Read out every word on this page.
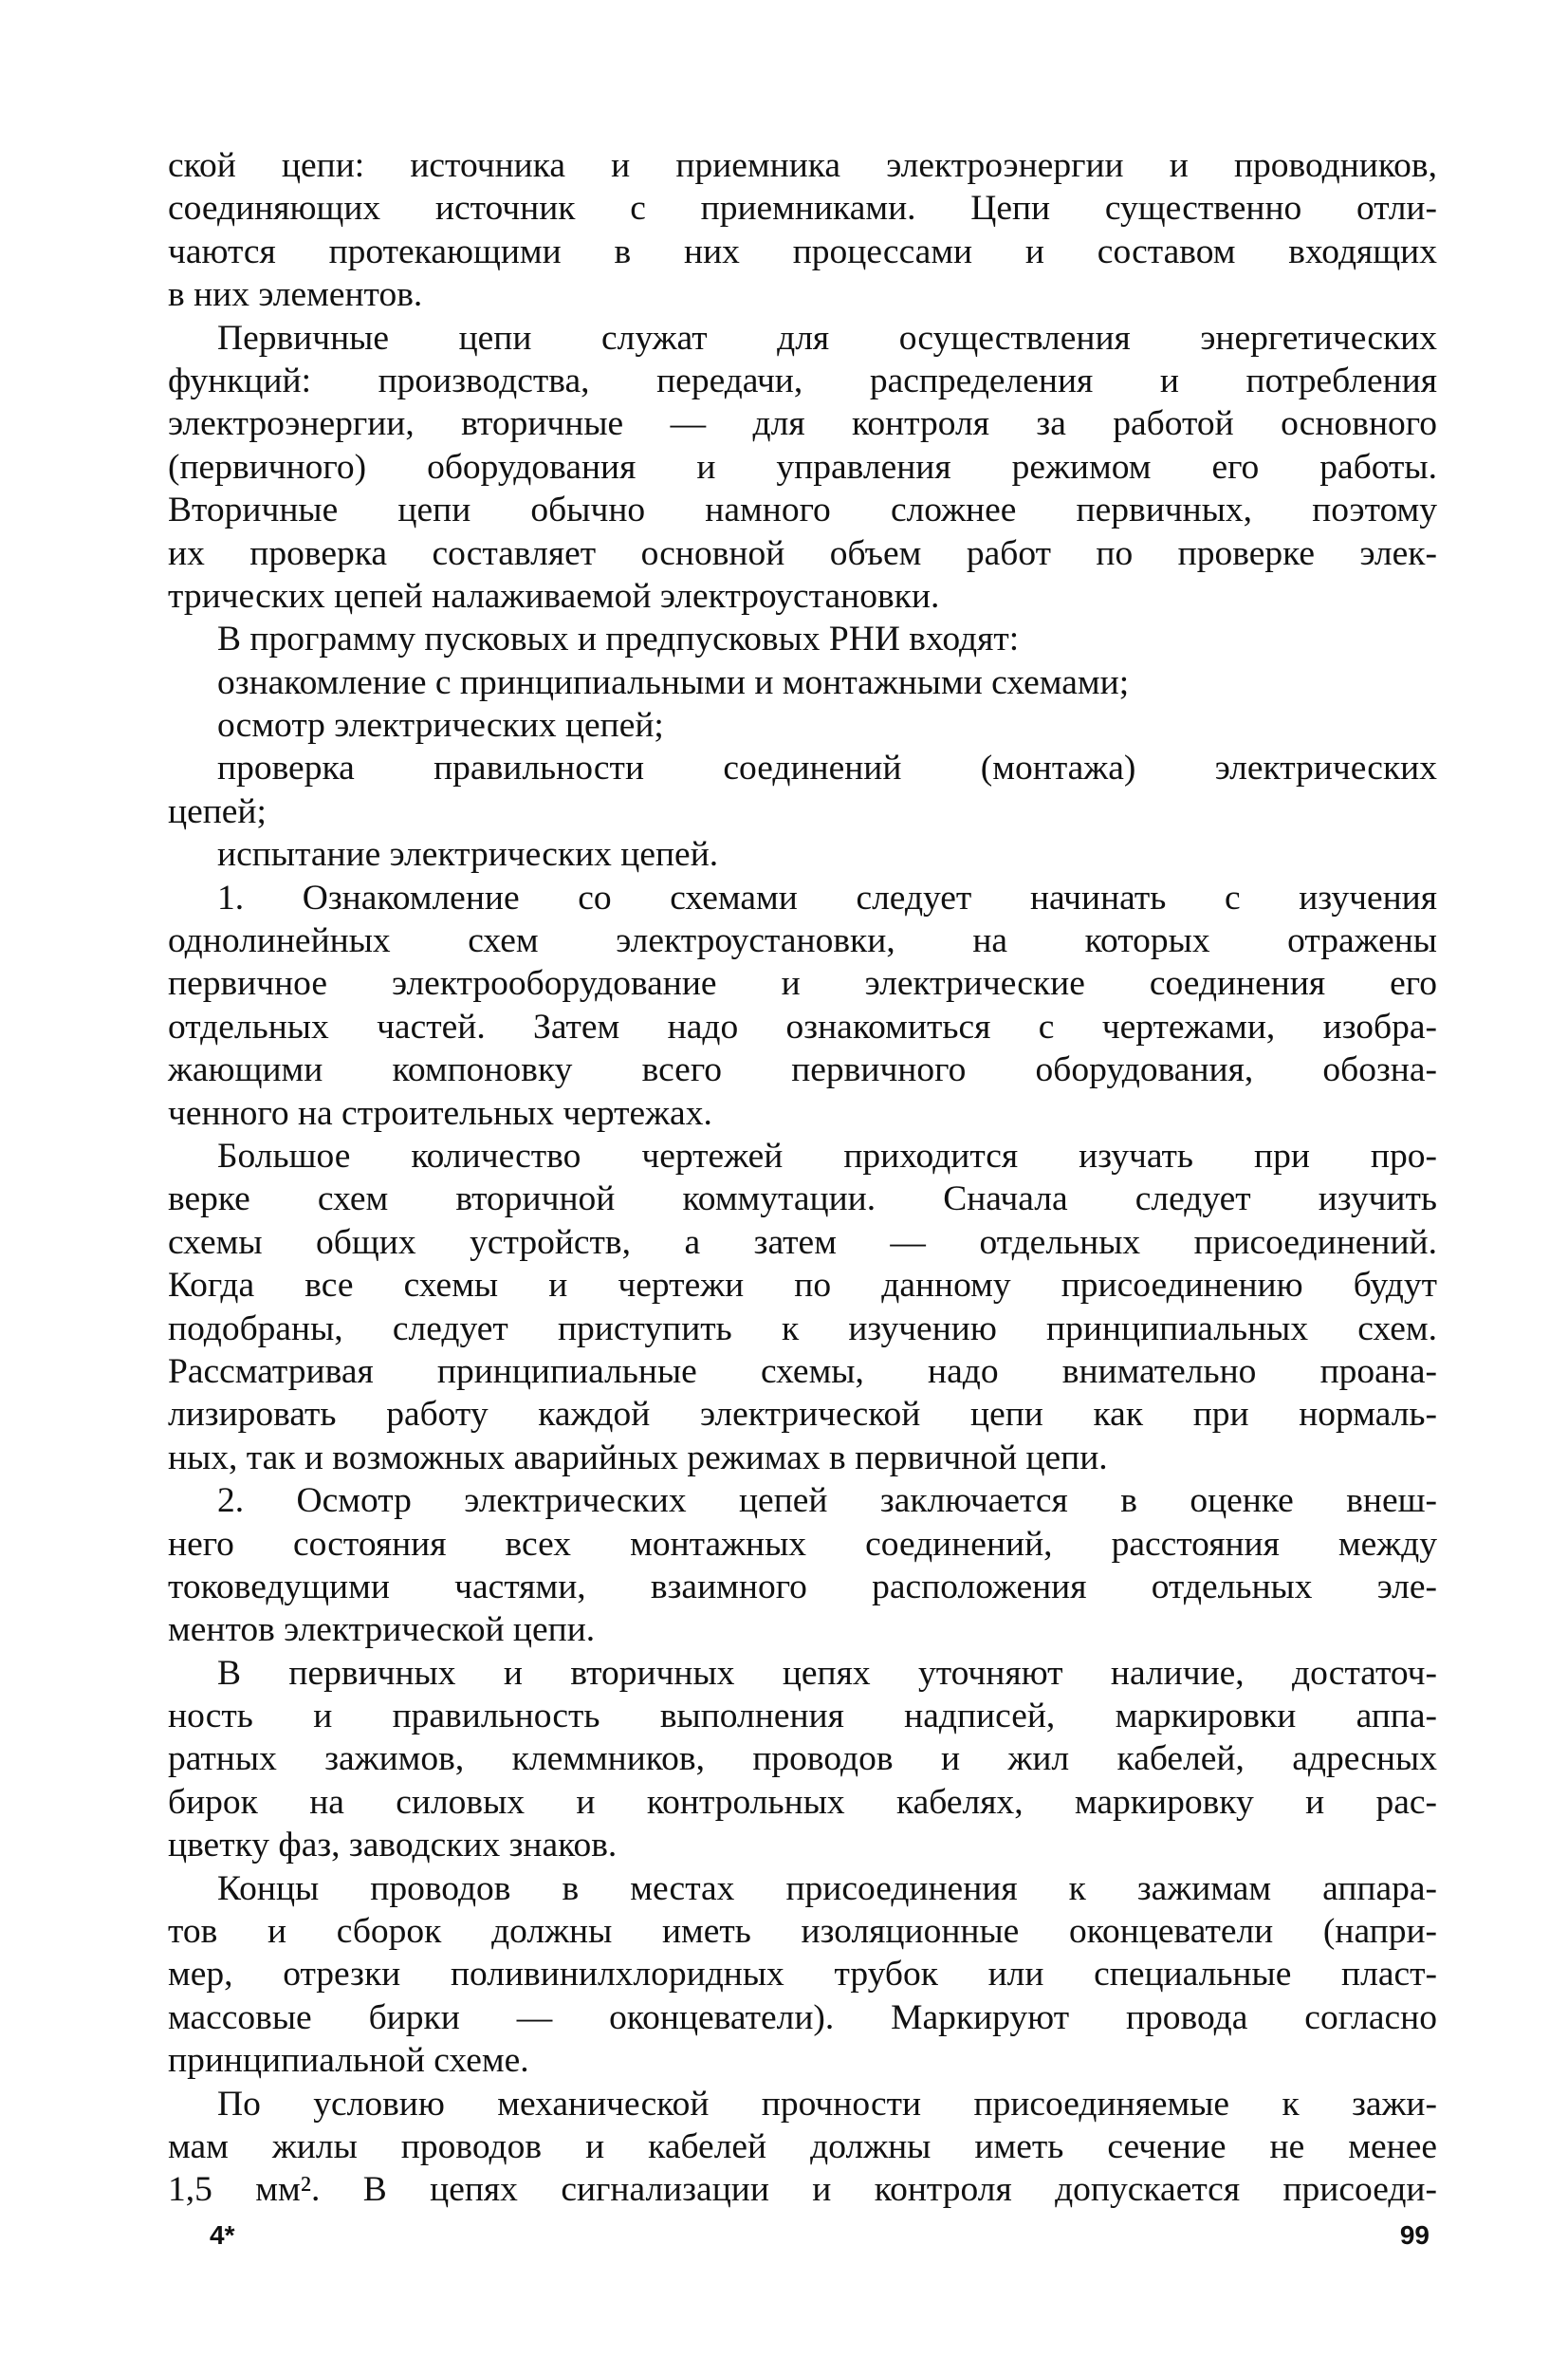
ской цепи: источника и приемника электроэнергии и проводников,
соединяющих источник с приемниками. Цепи существенно отли-
чаются протекающими в них процессами и составом входящих
в них элементов.
Первичные цепи служат для осуществления энергетических
функций: производства, передачи, распределения и потребления
электроэнергии, вторичные — для контроля за работой основного
(первичного) оборудования и управления режимом его работы.
Вторичные цепи обычно намного сложнее первичных, поэтому
их проверка составляет основной объем работ по проверке элек-
трических цепей налаживаемой электроустановки.
В программу пусковых и предпусковых РНИ входят:
ознакомление с принципиальными и монтажными схемами;
осмотр электрических цепей;
проверка правильности соединений (монтажа) электрических
цепей;
испытание электрических цепей.
1. Ознакомление со схемами следует начинать с изучения
однолинейных схем электроустановки, на которых отражены
первичное электрооборудование и электрические соединения его
отдельных частей. Затем надо ознакомиться с чертежами, изобра-
жающими компоновку всего первичного оборудования, обозна-
ченного на строительных чертежах.
Большое количество чертежей приходится изучать при про-
верке схем вторичной коммутации. Сначала следует изучить
схемы общих устройств, а затем — отдельных присоединений.
Когда все схемы и чертежи по данному присоединению будут
подобраны, следует приступить к изучению принципиальных схем.
Рассматривая принципиальные схемы, надо внимательно проана-
лизировать работу каждой электрической цепи как при нормаль-
ных, так и возможных аварийных режимах в первичной цепи.
2. Осмотр электрических цепей заключается в оценке внеш-
него состояния всех монтажных соединений, расстояния между
токоведущими частями, взаимного расположения отдельных эле-
ментов электрической цепи.
В первичных и вторичных цепях уточняют наличие, достаточ-
ность и правильность выполнения надписей, маркировки аппа-
ратных зажимов, клеммников, проводов и жил кабелей, адресных
бирок на силовых и контрольных кабелях, маркировку и рас-
цветку фаз, заводских знаков.
Концы проводов в местах присоединения к зажимам аппара-
тов и сборок должны иметь изоляционные оконцеватели (напри-
мер, отрезки поливинилхлоридных трубок или специальные пласт-
массовые бирки — оконцеватели). Маркируют провода согласно
принципиальной схеме.
По условию механической прочности присоединяемые к зажи-
мам жилы проводов и кабелей должны иметь сечение не менее
1,5 мм². В цепях сигнализации и контроля допускается присоеди-
4*	99
